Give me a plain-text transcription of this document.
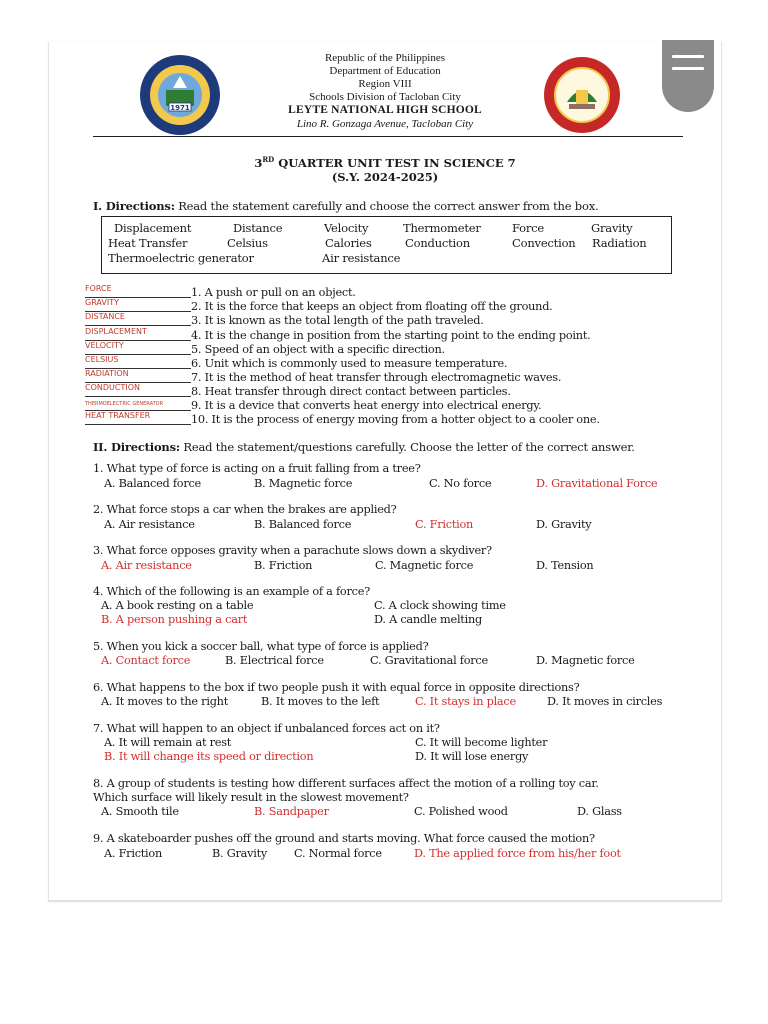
1971
Republic of the Philippines
Department of Education
Region VIII
Schools Division of Tacloban City
LEYTE NATIONAL HIGH SCHOOL
Lino R. Gonzaga Avenue, Tacloban City
3RD QUARTER UNIT TEST IN SCIENCE 7
(S.Y. 2024-2025)
I. Directions: Read the statement carefully and choose the correct answer from the box.
Displacement	Distance	Velocity	Thermometer	Force	Gravity
Heat Transfer	Celsius	Calories	Conduction	Convection Radiation
Thermoelectric generator	Air resistance
FORCE	1. A push or pull on an object.
GRAVITY	2. It is the force that keeps an object from floating off the ground.
DISTANCE	3. It is known as the total length of the path traveled.
DISPLACEMENT	4. It is the change in position from the starting point to the ending point.
VELOCITY	5. Speed of an object with a specific direction.
CELSIUS	6. Unit which is commonly used to measure temperature.
RADIATION	7. It is the method of heat transfer through electromagnetic waves.
CONDUCTION	8. Heat transfer through direct contact between particles.
THERMOELECTRIC GENERATOR 9. It is a device that converts heat energy into electrical energy.
HEAT TRANSFER	10. It is the process of energy moving from a hotter object to a cooler one.
II. Directions: Read the statement/questions carefully. Choose the letter of the correct answer.
1. What type of force is acting on a fruit falling from a tree?
A. Balanced force	B. Magnetic force	C. No force	D. Gravitational Force
2. What force stops a car when the brakes are applied?
A. Air resistance	B. Balanced force	C. Friction	D. Gravity
3. What force opposes gravity when a parachute slows down a skydiver?
A. Air resistance	B. Friction	C. Magnetic force	D. Tension
4. Which of the following is an example of a force?
A. A book resting on a table	C. A clock showing time
B. A person pushing a cart	D. A candle melting
5. When you kick a soccer ball, what type of force is applied?
A. Contact force	B. Electrical force	C. Gravitational force	D. Magnetic force
6. What happens to the box if two people push it with equal force in opposite directions?
A. It moves to the right	B. It moves to the left	C. It stays in place	D. It moves in circles
7. What will happen to an object if unbalanced forces act on it?
A. It will remain at rest	C. It will become lighter
B. It will change its speed or direction	D. It will lose energy
8. A group of students is testing how different surfaces affect the motion of a rolling toy car.
Which surface will likely result in the slowest movement?
A. Smooth tile	B. Sandpaper	C. Polished wood	D. Glass
9. A skateboarder pushes off the ground and starts moving. What force caused the motion?
A. Friction	B. Gravity C. Normal force	D. The applied force from his/her foot
